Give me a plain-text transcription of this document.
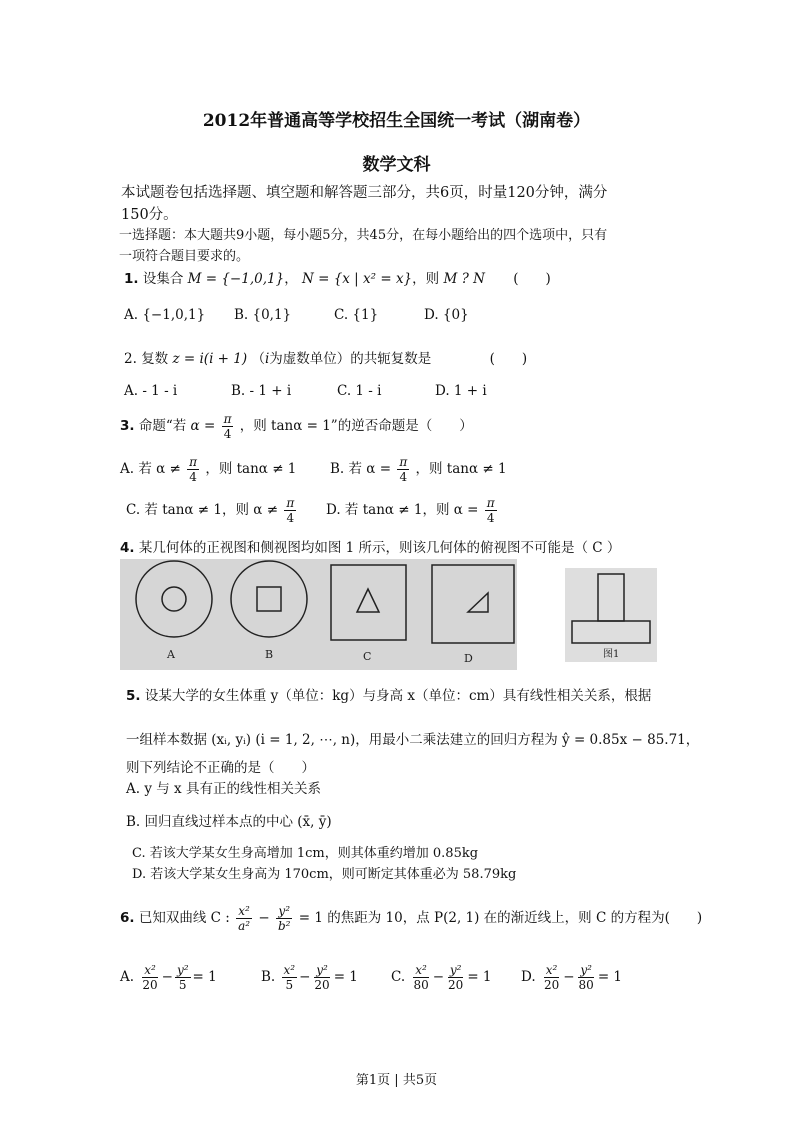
2012年普通高等学校招生全国统一考试（湖南卷）
数学文科
本试题卷包括选择题、填空题和解答题三部分，共6页，时量120分钟，满分
150分。
一选择题：本大题共9小题，每小题5分，共45分，在每小题给出的四个选项中，只有
一项符合题目要求的。
1. 设集合 M = {−1,0,1}， N = {x | x² = x}，则 M ? N (　　)
A. {−1,0,1} B. {0,1}	C. {1}	D. {0}
2. 复数 z = i(i + 1) （i为虚数单位）的共轭复数是	(　　)
A. - 1 - i	B. - 1 + i	C. 1 - i	D. 1 + i
3. 命题“若 $\alpha = \frac{\pi}{4}$ ，则 tanα = 1”的逆否命题是（　　）
A. 若 $\alpha \ne \frac{\pi}{4}$ ，则 tanα ≠ 1 B. 若 $\alpha = \frac{\pi}{4}$ ，则 tanα ≠ 1
C. 若 tanα ≠ 1，则 $\alpha \ne \frac{\pi}{4} D$. 若 tanα ≠ 1，则 $\alpha = \frac{\pi}{4}$
4. 某几何体的正视图和侧视图均如图 1 所示，则该几何体的俯视图不可能是（ C ）
A	B	C	D	图1
5. 设某大学的女生体重 y（单位：kg）与身高 x（单位：cm）具有线性相关关系，根据
一组样本数据 (xᵢ, yᵢ) (i = 1, 2, ⋯, n)，用最小二乘法建立的回归方程为 ŷ = 0.85x − 85.71，
则下列结论不正确的是（　　）
A. y 与 x 具有正的线性相关关系
B. 回归直线过样本点的中心 (x̄, ȳ)
C. 若该大学某女生身高增加 1cm，则其体重约增加 0.85kg
D. 若该大学某女生身高为 170cm，则可断定其体重必为 58.79kg
6. 已知双曲线 C : $\frac{\text{x²}}{\text{a²}} - \frac{\text{y²}}{\text{b²}} = 1$ 的焦距为 10，点 P(2, 1) 在的渐近线上，则 C 的方程为(　　)
A. $\frac{\text{x²}}{20} - \frac{\text{y²}}{5} = 1$	B. $\frac{\text{x²}}{5} - \frac{\text{y²}}{20} = 1$ C. $\frac{\text{x²}}{80} - \frac{\text{y²}}{20} = 1$ D. $\frac{\text{x²}}{20} - \frac{\text{y²}}{80} = 1$
第1页 | 共5页
